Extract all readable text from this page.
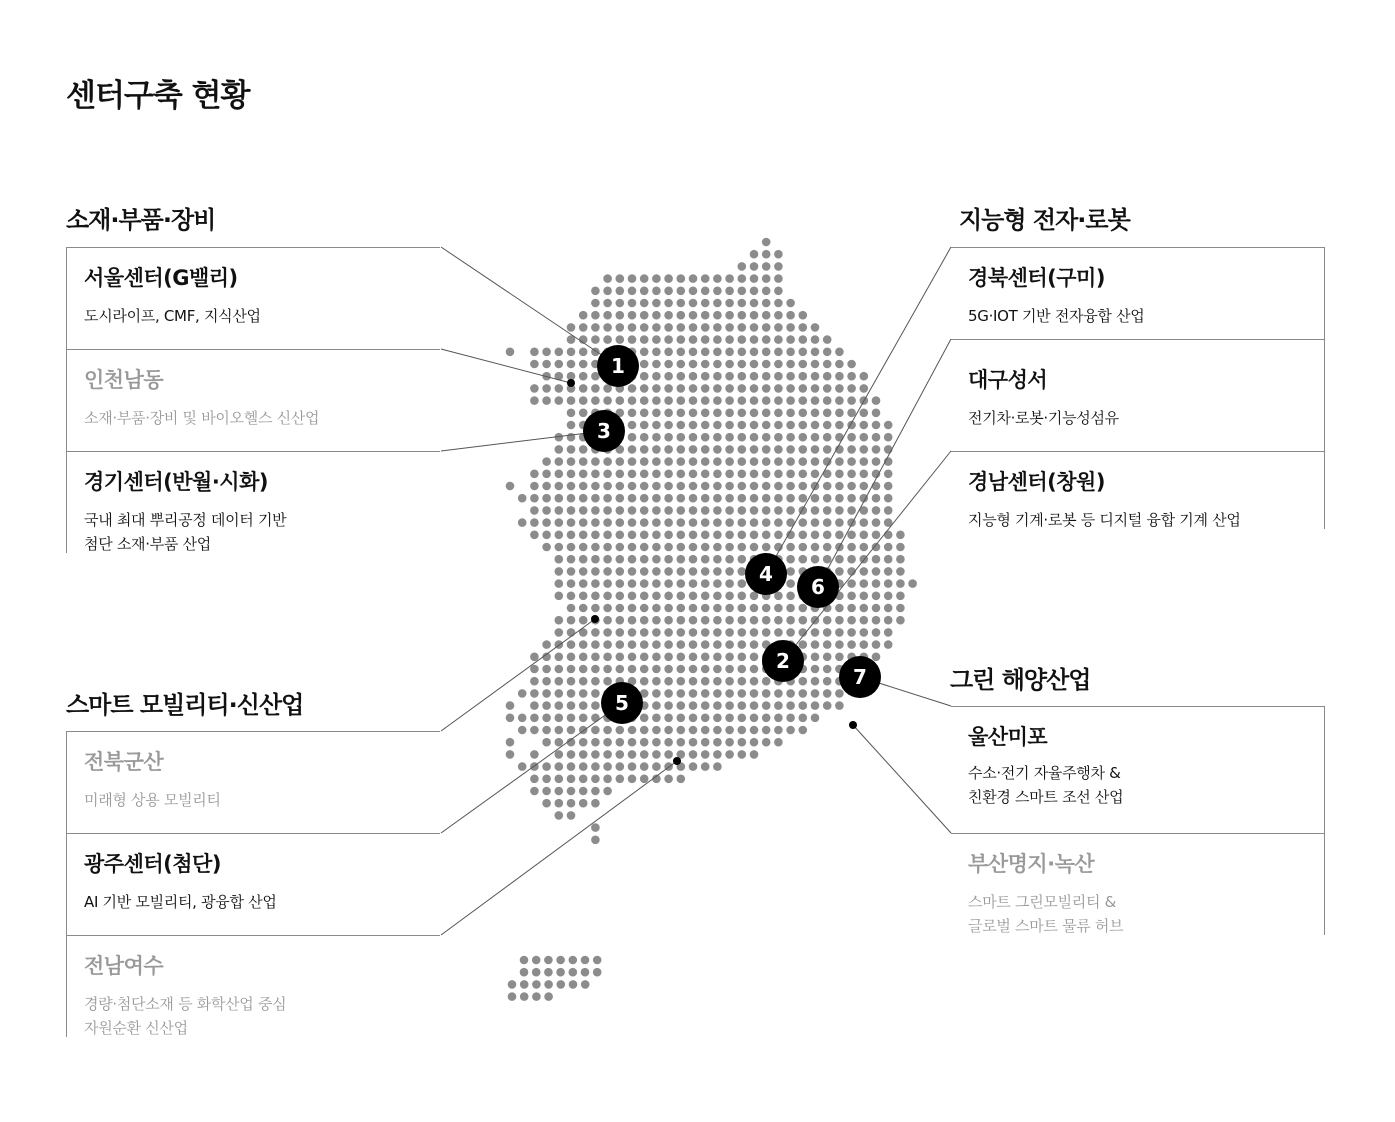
센터구축 현황
소재·부품·장비	지능형 전자·로봇
스마트 모빌리티·신산업
그린 해양산업
1
2
3
4
5
6
7
서울센터(G밸리)
도시라이프, CMF, 지식산업
인천남동
소재·부품·장비 및 바이오헬스 신산업
경기센터(반월·시화)
국내 최대 뿌리공정 데이터 기반
첨단 소재·부품 산업
전북군산
미래형 상용 모빌리티
광주센터(첨단)
AI 기반 모빌리티, 광융합 산업
전남여수
경량·첨단소재 등 화학산업 중심
자원순환 신산업
경북센터(구미)
5G·IOT 기반 전자융합 산업
대구성서
전기차·로봇·기능성섬유
경남센터(창원)
지능형 기계·로봇 등 디지털 융합 기계 산업
울산미포
수소·전기 자율주행차 &
친환경 스마트 조선 산업
부산명지·녹산
스마트 그린모빌리티 &
글로벌 스마트 물류 허브
